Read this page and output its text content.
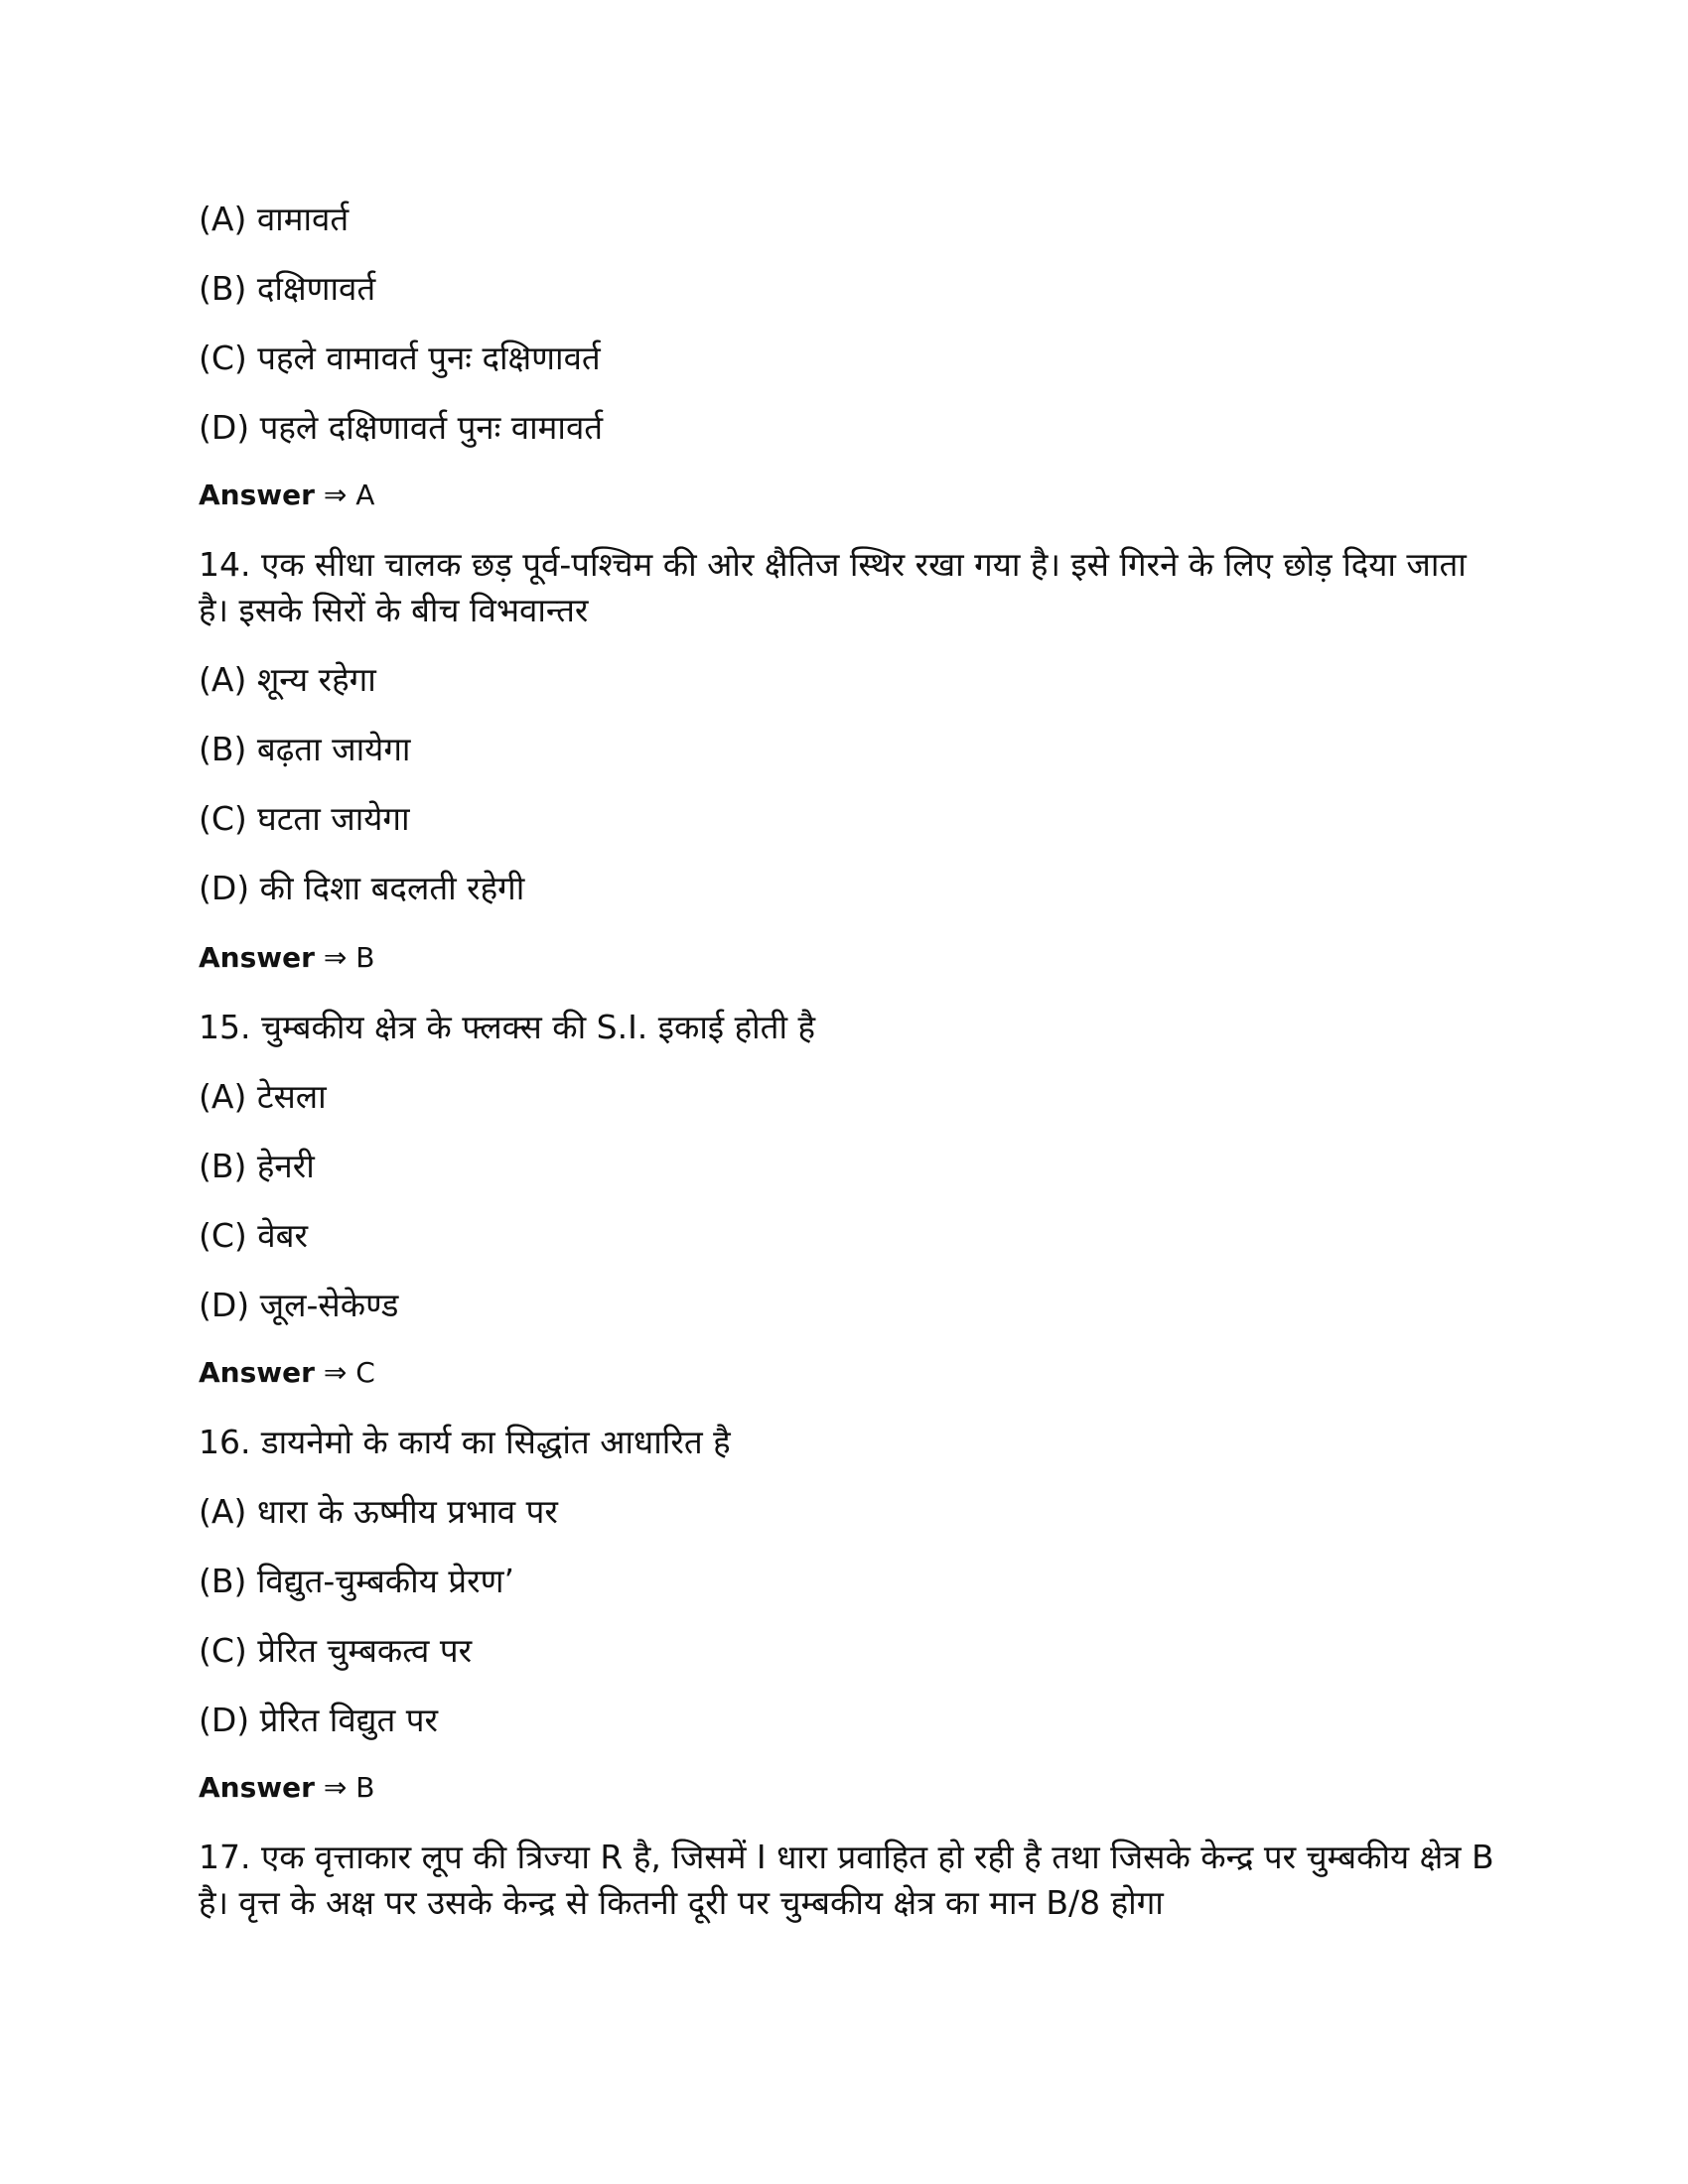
(A) वामावर्त
(B) दक्षिणावर्त
(C) पहले वामावर्त पुनः दक्षिणावर्त
(D) पहले दक्षिणावर्त पुनः वामावर्त
Answer ⇒ A
14. एक सीधा चालक छड़ पूर्व-पश्चिम की ओर क्षैतिज स्थिर रखा गया है। इसे गिरने के लिए छोड़ दिया जाता
है। इसके सिरों के बीच विभवान्तर
(A) शून्य रहेगा
(B) बढ़ता जायेगा
(C) घटता जायेगा
(D) की दिशा बदलती रहेगी
Answer ⇒ B
15. चुम्बकीय क्षेत्र के फ्लक्स की S.I. इकाई होती है
(A) टेसला
(B) हेनरी
(C) वेबर
(D) जूल-सेकेण्ड
Answer ⇒ C
16. डायनेमो के कार्य का सिद्धांत आधारित है
(A) धारा के ऊष्मीय प्रभाव पर
(B) विद्युत-चुम्बकीय प्रेरण’
(C) प्रेरित चुम्बकत्व पर
(D) प्रेरित विद्युत पर
Answer ⇒ B
17. एक वृत्ताकार लूप की त्रिज्या R है, जिसमें I धारा प्रवाहित हो रही है तथा जिसके केन्द्र पर चुम्बकीय क्षेत्र B
है। वृत्त के अक्ष पर उसके केन्द्र से कितनी दूरी पर चुम्बकीय क्षेत्र का मान B/8 होगा
